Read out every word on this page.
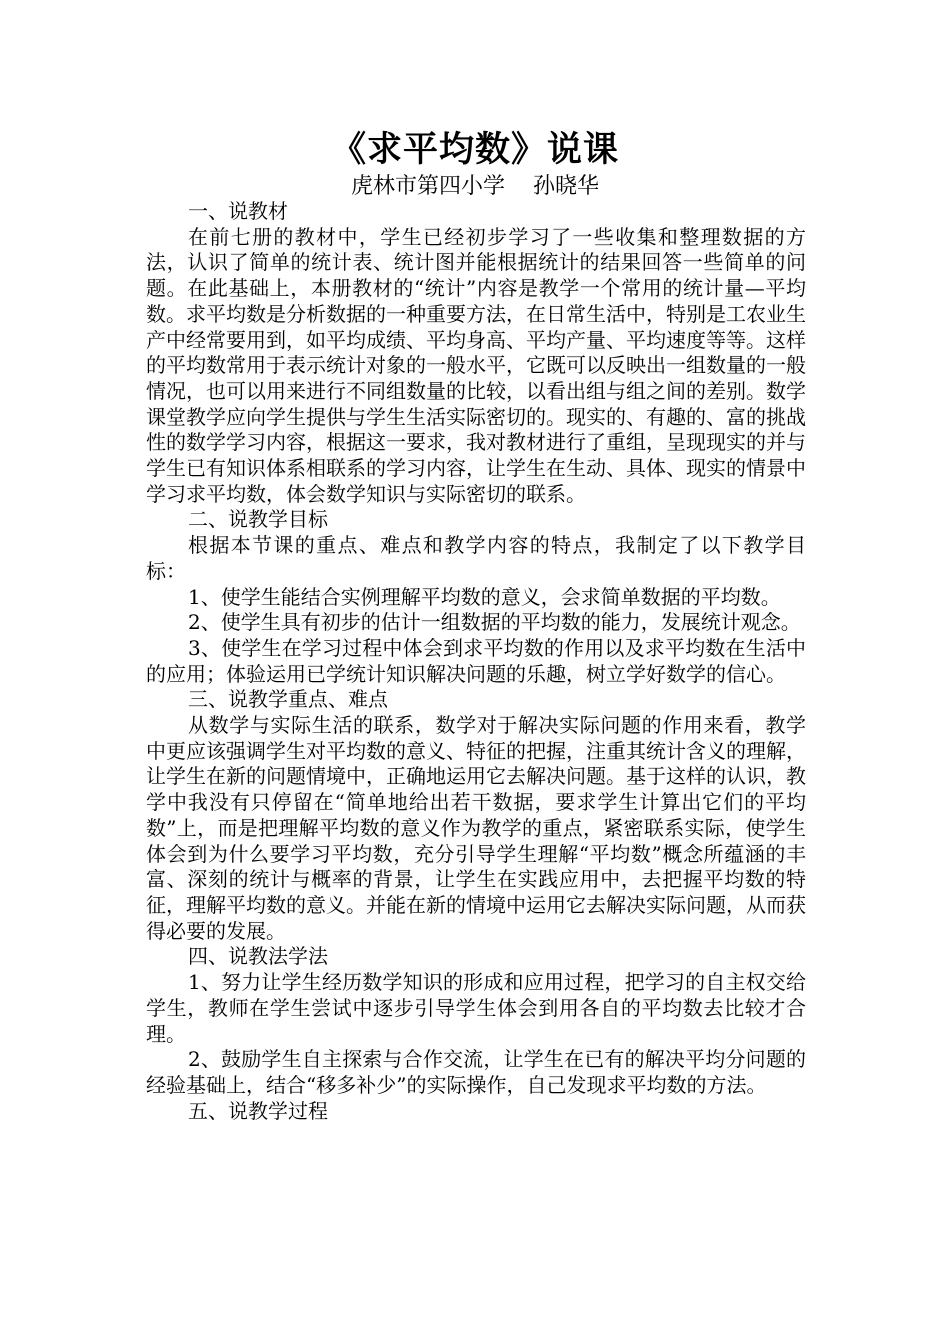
《求平均数》说课
虎林市第四小学    孙晓华

一、说教材

在前七册的教材中，学生已经初步学习了一些收集和整理数据的方法，认识了简单的统计表、统计图并能根据统计的结果回答一些简单的问题。在此基础上，本册教材的“统计”内容是教学一个常用的统计量—平均数。求平均数是分析数据的一种重要方法，在日常生活中，特别是工农业生产中经常要用到，如平均成绩、平均身高、平均产量、平均速度等等。这样的平均数常用于表示统计对象的一般水平，它既可以反映出一组数量的一般情况，也可以用来进行不同组数量的比较，以看出组与组之间的差别。数学课堂教学应向学生提供与学生生活实际密切的。现实的、有趣的、富的挑战性的数学学习内容，根据这一要求，我对教材进行了重组，呈现现实的并与学生已有知识体系相联系的学习内容，让学生在生动、具体、现实的情景中学习求平均数，体会数学知识与实际密切的联系。

二、说教学目标

根据本节课的重点、难点和教学内容的特点，我制定了以下教学目标：

1、使学生能结合实例理解平均数的意义，会求简单数据的平均数。

2、使学生具有初步的估计一组数据的平均数的能力，发展统计观念。

3、使学生在学习过程中体会到求平均数的作用以及求平均数在生活中的应用；体验运用已学统计知识解决问题的乐趣，树立学好数学的信心。

三、说教学重点、难点

从数学与实际生活的联系，数学对于解决实际问题的作用来看，教学中更应该强调学生对平均数的意义、特征的把握，注重其统计含义的理解，让学生在新的问题情境中，正确地运用它去解决问题。基于这样的认识，教学中我没有只停留在“简单地给出若干数据，要求学生计算出它们的平均数”上，而是把理解平均数的意义作为教学的重点，紧密联系实际，使学生体会到为什么要学习平均数，充分引导学生理解“平均数”概念所蕴涵的丰富、深刻的统计与概率的背景，让学生在实践应用中，去把握平均数的特征，理解平均数的意义。并能在新的情境中运用它去解决实际问题，从而获得必要的发展。

四、说教法学法

1、努力让学生经历数学知识的形成和应用过程，把学习的自主权交给学生，教师在学生尝试中逐步引导学生体会到用各自的平均数去比较才合理。

2、鼓励学生自主探索与合作交流，让学生在已有的解决平均分问题的经验基础上，结合“移多补少”的实际操作，自己发现求平均数的方法。

五、说教学过程
